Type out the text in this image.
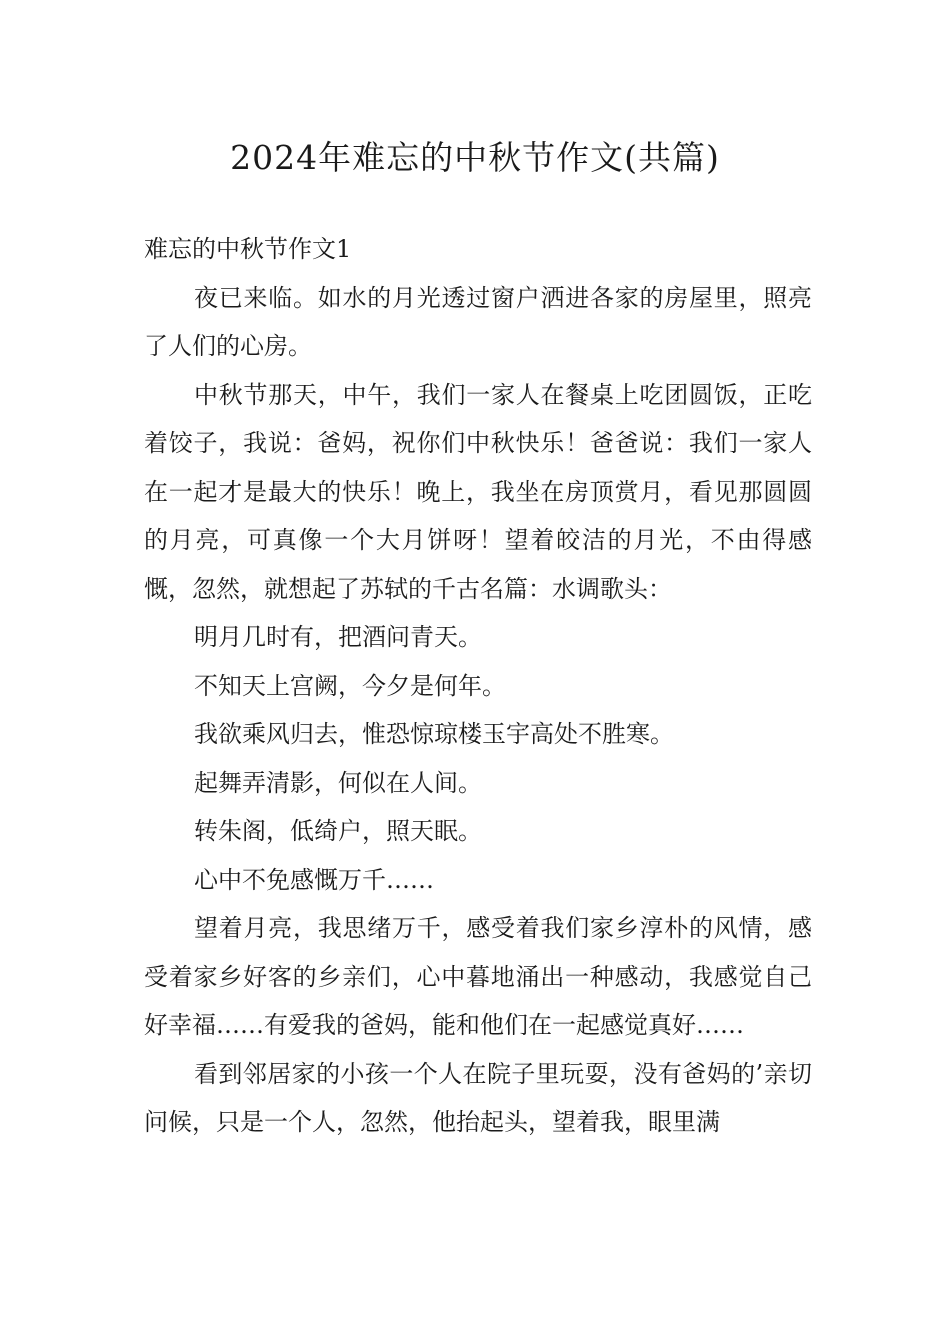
2024年难忘的中秋节作文(共篇)

难忘的中秋节作文1

夜已来临。如水的月光透过窗户洒进各家的房屋里，照亮了人们的心房。

中秋节那天，中午，我们一家人在餐桌上吃团圆饭，正吃着饺子，我说：爸妈，祝你们中秋快乐！爸爸说：我们一家人在一起才是最大的快乐！晚上，我坐在房顶赏月，看见那圆圆的月亮，可真像一个大月饼呀！望着皎洁的月光，不由得感慨，忽然，就想起了苏轼的千古名篇：水调歌头：

明月几时有，把酒问青天。

不知天上宫阙，今夕是何年。

我欲乘风归去，惟恐惊琼楼玉宇高处不胜寒。

起舞弄清影，何似在人间。

转朱阁，低绮户，照天眠。

心中不免感慨万千……

望着月亮，我思绪万千，感受着我们家乡淳朴的风情，感受着家乡好客的乡亲们，心中暮地涌出一种感动，我感觉自己好幸福……有爱我的爸妈，能和他们在一起感觉真好……

看到邻居家的小孩一个人在院子里玩耍，没有爸妈的’亲切问候，只是一个人，忽然，他抬起头，望着我，眼里满
